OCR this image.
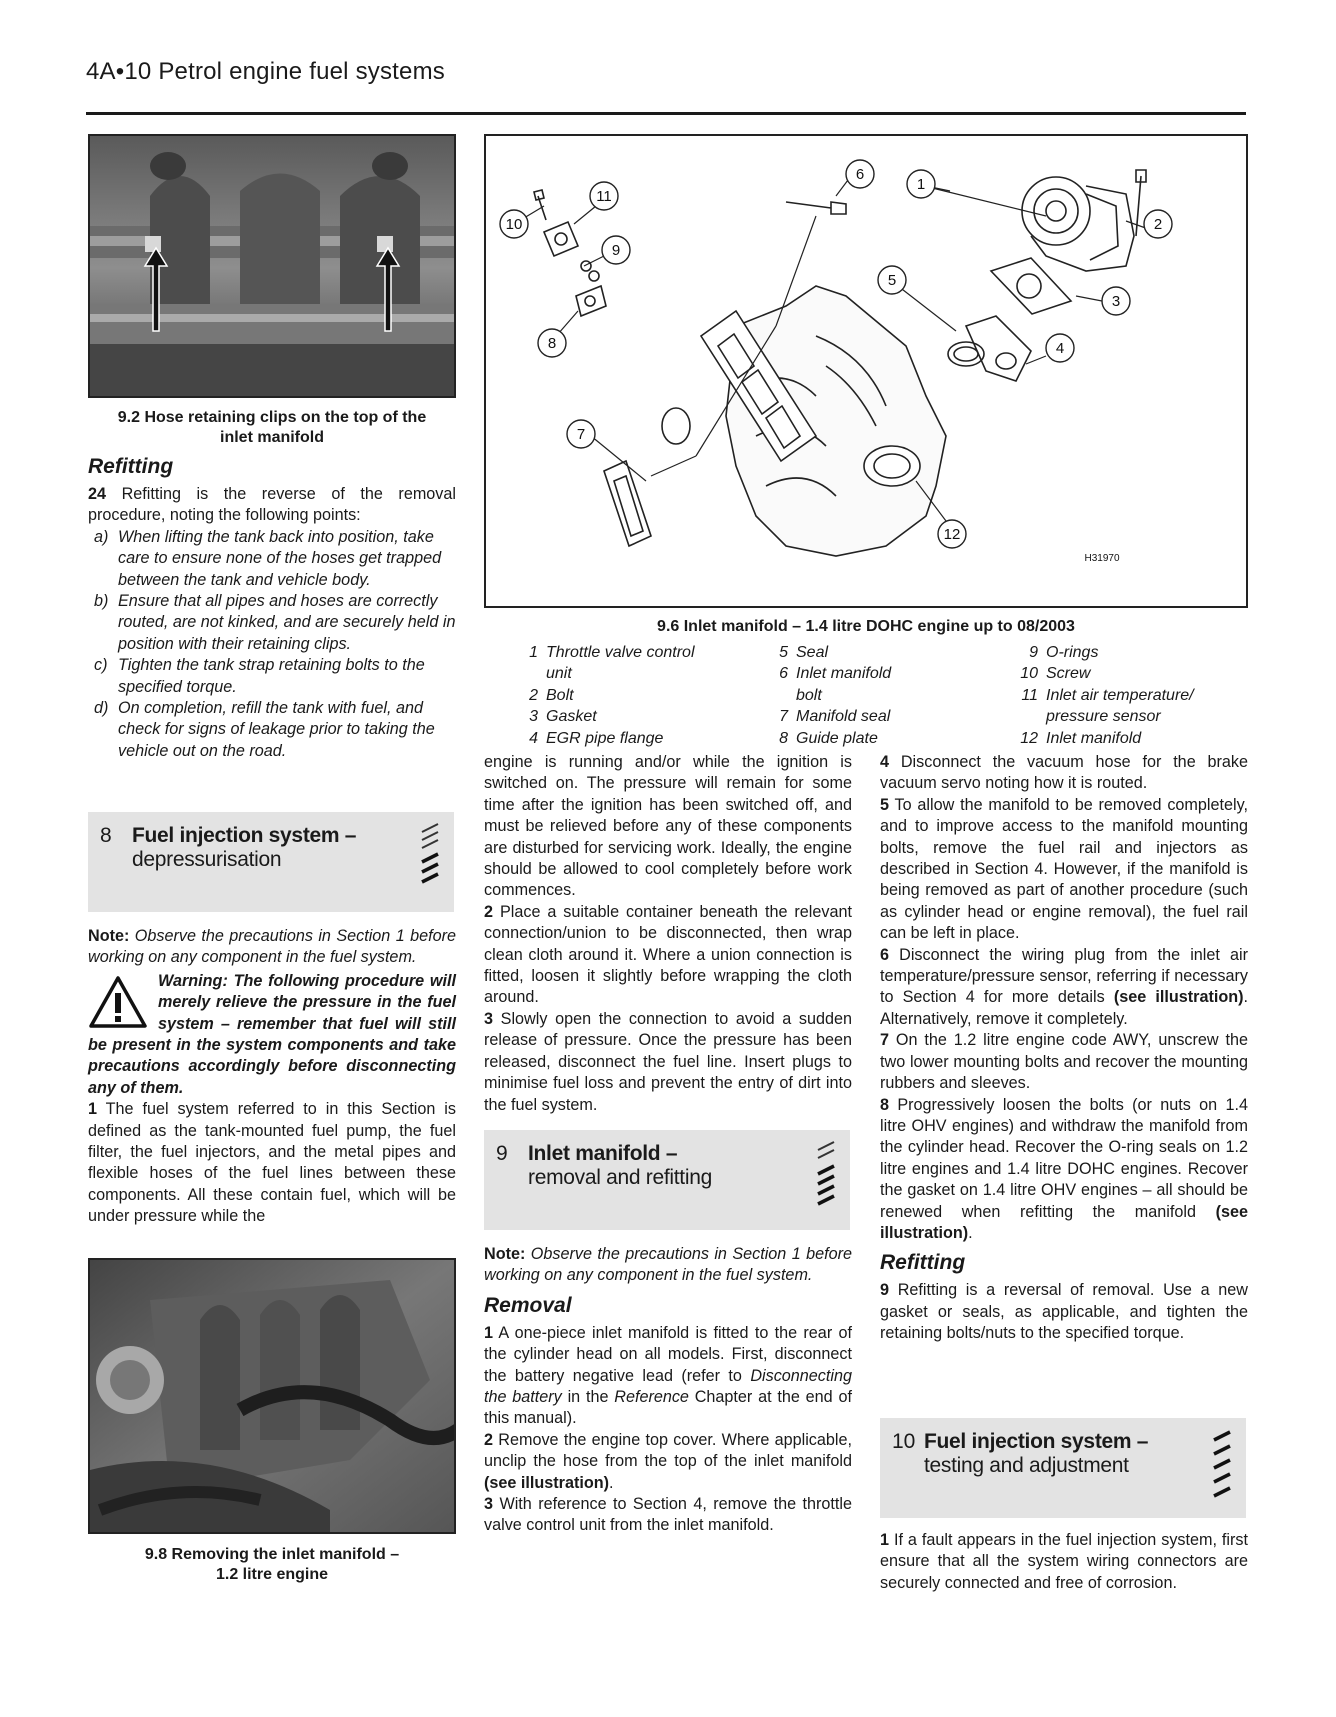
4A•10 Petrol engine fuel systems
9.2 Hose retaining clips on the top of the
inlet manifold
Refitting

24 Refitting is the reverse of the removal procedure, noting the following points:

a) When lifting the tank back into position, take care to ensure none of the hoses get trapped between the tank and vehicle body.
b) Ensure that all pipes and hoses are correctly routed, are not kinked, and are securely held in position with their retaining clips.
c) Tighten the tank strap retaining bolts to the specified torque.
d) On completion, refill the tank with fuel, and check for signs of leakage prior to taking the vehicle out on the road.
8 Fuel injection system –
depressurisation

Note: Observe the precautions in Section 1 before working on any component in the fuel system.

Warning: The following procedure will merely relieve the pressure in the fuel system – remember that fuel will still be present in the system components and take precautions accordingly before disconnecting any of them.

1 The fuel system referred to in this Section is defined as the tank-mounted fuel pump, the fuel filter, the fuel injectors, and the metal pipes and flexible hoses of the fuel lines between these components. All these contain fuel, which will be under pressure while the

9.8 Removing the inlet manifold –
1.2 litre engine
1
2
3
4
5
6
7
8
9
10
11
12
H31970
9.6 Inlet manifold – 1.4 litre DOHC engine up to 08/2003
1 Throttle valve control
unit
2 Bolt
3 Gasket
4 EGR pipe flange
5 Seal
6 Inlet manifold
bolt
7 Manifold seal
8 Guide plate
9 O-rings
10 Screw
11 Inlet air temperature/
pressure sensor
12 Inlet manifold

engine is running and/or while the ignition is switched on. The pressure will remain for some time after the ignition has been switched off, and must be relieved before any of these components are disturbed for servicing work. Ideally, the engine should be allowed to cool completely before work commences.

2 Place a suitable container beneath the relevant connection/union to be disconnected, then wrap clean cloth around it. Where a union connection is fitted, loosen it slightly before wrapping the cloth around.

3 Slowly open the connection to avoid a sudden release of pressure. Once the pressure has been released, disconnect the fuel line. Insert plugs to minimise fuel loss and prevent the entry of dirt into the fuel system.

9 Inlet manifold –
removal and refitting

Note: Observe the precautions in Section 1 before working on any component in the fuel system.

Removal

1 A one-piece inlet manifold is fitted to the rear of the cylinder head on all models. First, disconnect the battery negative lead (refer to Disconnecting the battery in the Reference Chapter at the end of this manual).

2 Remove the engine top cover. Where applicable, unclip the hose from the top of the inlet manifold (see illustration).

3 With reference to Section 4, remove the throttle valve control unit from the inlet manifold.

4 Disconnect the vacuum hose for the brake vacuum servo noting how it is routed.

5 To allow the manifold to be removed completely, and to improve access to the manifold mounting bolts, remove the fuel rail and injectors as described in Section 4. However, if the manifold is being removed as part of another procedure (such as cylinder head or engine removal), the fuel rail can be left in place.

6 Disconnect the wiring plug from the inlet air temperature/pressure sensor, referring if necessary to Section 4 for more details (see illustration). Alternatively, remove it completely.

7 On the 1.2 litre engine code AWY, unscrew the two lower mounting bolts and recover the mounting rubbers and sleeves.

8 Progressively loosen the bolts (or nuts on 1.4 litre OHV engines) and withdraw the manifold from the cylinder head. Recover the O-ring seals on 1.2 litre engines and 1.4 litre DOHC engines. Recover the gasket on 1.4 litre OHV engines – all should be renewed when refitting the manifold (see illustration).

Refitting

9 Refitting is a reversal of removal. Use a new gasket or seals, as applicable, and tighten the retaining bolts/nuts to the specified torque.

10 Fuel injection system –
testing and adjustment

1 If a fault appears in the fuel injection system, first ensure that all the system wiring connectors are securely connected and free of corrosion.
